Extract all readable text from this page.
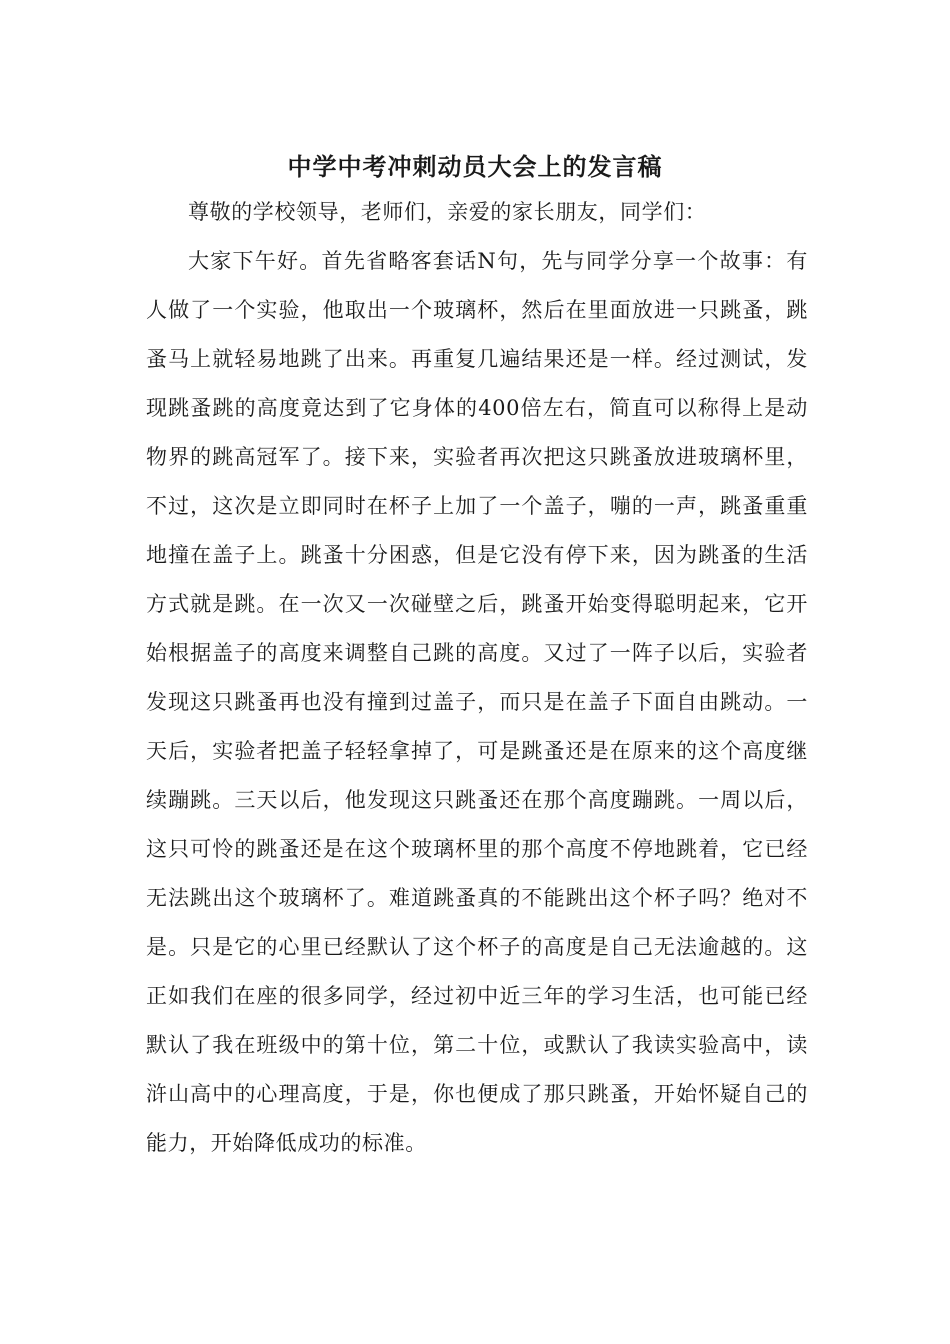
中学中考冲刺动员大会上的发言稿

尊敬的学校领导，老师们，亲爱的家长朋友，同学们：

大家下午好。首先省略客套话N句，先与同学分享一个故事：有人做了一个实验，他取出一个玻璃杯，然后在里面放进一只跳蚤，跳蚤马上就轻易地跳了出来。再重复几遍结果还是一样。经过测试，发现跳蚤跳的高度竟达到了它身体的400倍左右，简直可以称得上是动物界的跳高冠军了。接下来，实验者再次把这只跳蚤放进玻璃杯里，不过，这次是立即同时在杯子上加了一个盖子，嘣的一声，跳蚤重重地撞在盖子上。跳蚤十分困惑，但是它没有停下来，因为跳蚤的生活方式就是跳。在一次又一次碰壁之后，跳蚤开始变得聪明起来，它开始根据盖子的高度来调整自己跳的高度。又过了一阵子以后，实验者发现这只跳蚤再也没有撞到过盖子，而只是在盖子下面自由跳动。一天后，实验者把盖子轻轻拿掉了，可是跳蚤还是在原来的这个高度继续蹦跳。三天以后，他发现这只跳蚤还在那个高度蹦跳。一周以后，这只可怜的跳蚤还是在这个玻璃杯里的那个高度不停地跳着，它已经无法跳出这个玻璃杯了。难道跳蚤真的不能跳出这个杯子吗？绝对不是。只是它的心里已经默认了这个杯子的高度是自己无法逾越的。这正如我们在座的很多同学，经过初中近三年的学习生活，也可能已经默认了我在班级中的第十位，第二十位，或默认了我读实验高中，读浒山高中的心理高度，于是，你也便成了那只跳蚤，开始怀疑自己的能力，开始降低成功的标准。
